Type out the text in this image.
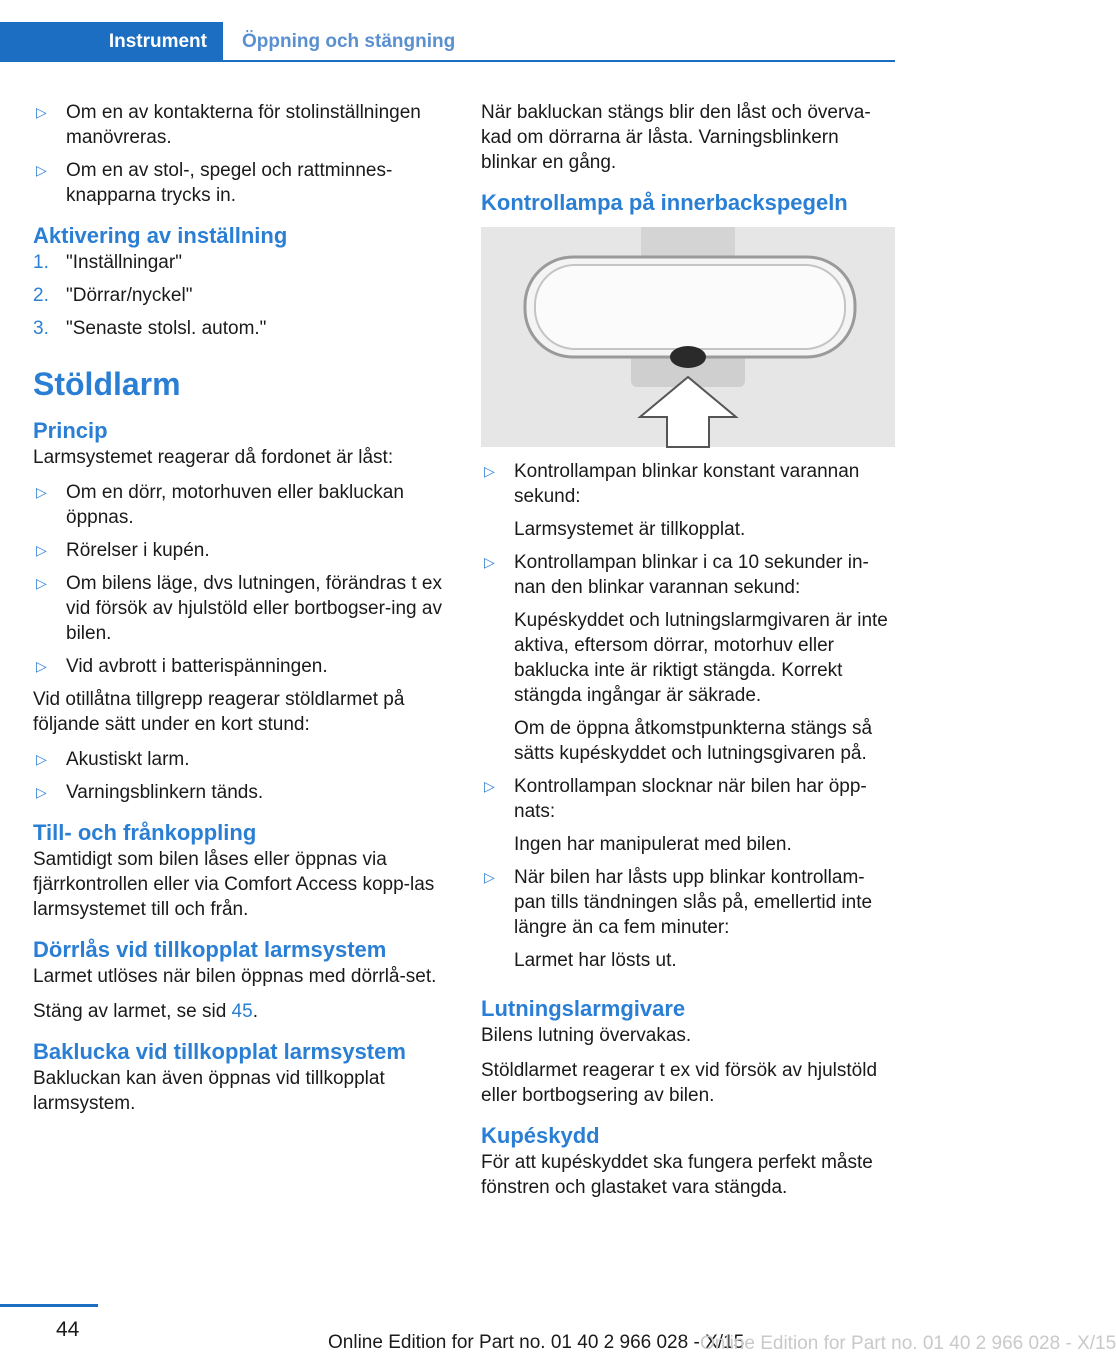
Instrument	Öppning och stängning
▷ Om en av kontakterna för stolinställningen manövreras.
▷ Om en av stol-, spegel och rattminnes-knapparna trycks in.
Aktivering av inställning
1. "Inställningar"
2. "Dörrar/nyckel"
3. "Senaste stolsl. autom."
Stöldlarm
Princip

Larmsystemet reagerar då fordonet är låst:

▷ Om en dörr, motorhuven eller bakluckan öppnas.
▷ Rörelser i kupén.
▷ Om bilens läge, dvs lutningen, förändras t ex vid försök av hjulstöld eller bortbogser-ing av bilen.
▷ Vid avbrott i batterispänningen.

Vid otillåtna tillgrepp reagerar stöldlarmet på följande sätt under en kort stund:

▷ Akustiskt larm.
▷ Varningsblinkern tänds.
Till- och frånkoppling

Samtidigt som bilen låses eller öppnas via fjärrkontrollen eller via Comfort Access kopp-las larmsystemet till och från.

Dörrlås vid tillkopplat larmsystem

Larmet utlöses när bilen öppnas med dörrlå-set.

Stäng av larmet, se sid 45.

Baklucka vid tillkopplat larmsystem

Bakluckan kan även öppnas vid tillkopplat larmsystem.

När bakluckan stängs blir den låst och överva-kad om dörrarna är låsta. Varningsblinkern blinkar en gång.

Kontrollampa på innerbackspegeln
▷ Kontrollampan blinkar konstant varannan sekund:

Larmsystemet är tillkopplat.

▷ Kontrollampan blinkar i ca 10 sekunder in-nan den blinkar varannan sekund:

Kupéskyddet och lutningslarmgivaren är inte aktiva, eftersom dörrar, motorhuv eller baklucka inte är riktigt stängda. Korrekt stängda ingångar är säkrade.

Om de öppna åtkomstpunkterna stängs så sätts kupéskyddet och lutningsgivaren på.

▷ Kontrollampan slocknar när bilen har öpp-nats:

Ingen har manipulerat med bilen.

▷ När bilen har låsts upp blinkar kontrollam-pan tills tändningen slås på, emellertid inte längre än ca fem minuter:

Larmet har lösts ut.

Lutningslarmgivare

Bilens lutning övervakas.

Stöldlarmet reagerar t ex vid försök av hjulstöld eller bortbogsering av bilen.

Kupéskydd

För att kupéskyddet ska fungera perfekt måste fönstren och glastaket vara stängda.

44
Online Edition for Part no. 01 40 2 966 028 - X/15
Online Edition for Part no. 01 40 2 966 028 - X/15
